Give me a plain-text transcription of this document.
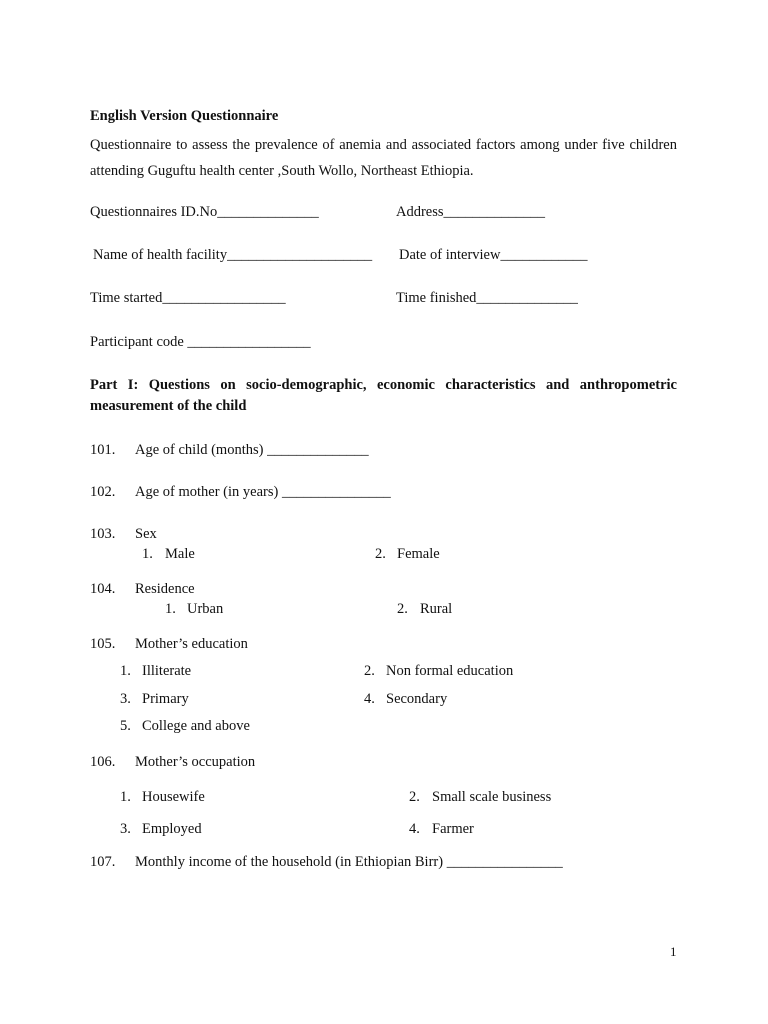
English Version Questionnaire
Questionnaire to assess the prevalence of anemia and associated factors among under five children attending Guguftu health center ,South Wollo, Northeast Ethiopia.
Questionnaires ID.No______________	Address______________
Name of health facility____________________ Date of interview____________
Time started_________________	Time finished______________
Participant code _________________
Part I: Questions on socio-demographic, economic characteristics and anthropometric measurement of the child
101. Age of child (months) ______________
102. Age of mother (in years) _______________
103. Sex
1. Male	2. Female
104. Residence
1. Urban	2. Rural
105. Mother’s education
1. Illiterate	2. Non formal education
3. Primary	4. Secondary
5. College and above
106. Mother’s occupation
1. Housewife	2. Small scale business
3. Employed	4. Farmer
107. Monthly income of the household (in Ethiopian Birr) ________________
1
